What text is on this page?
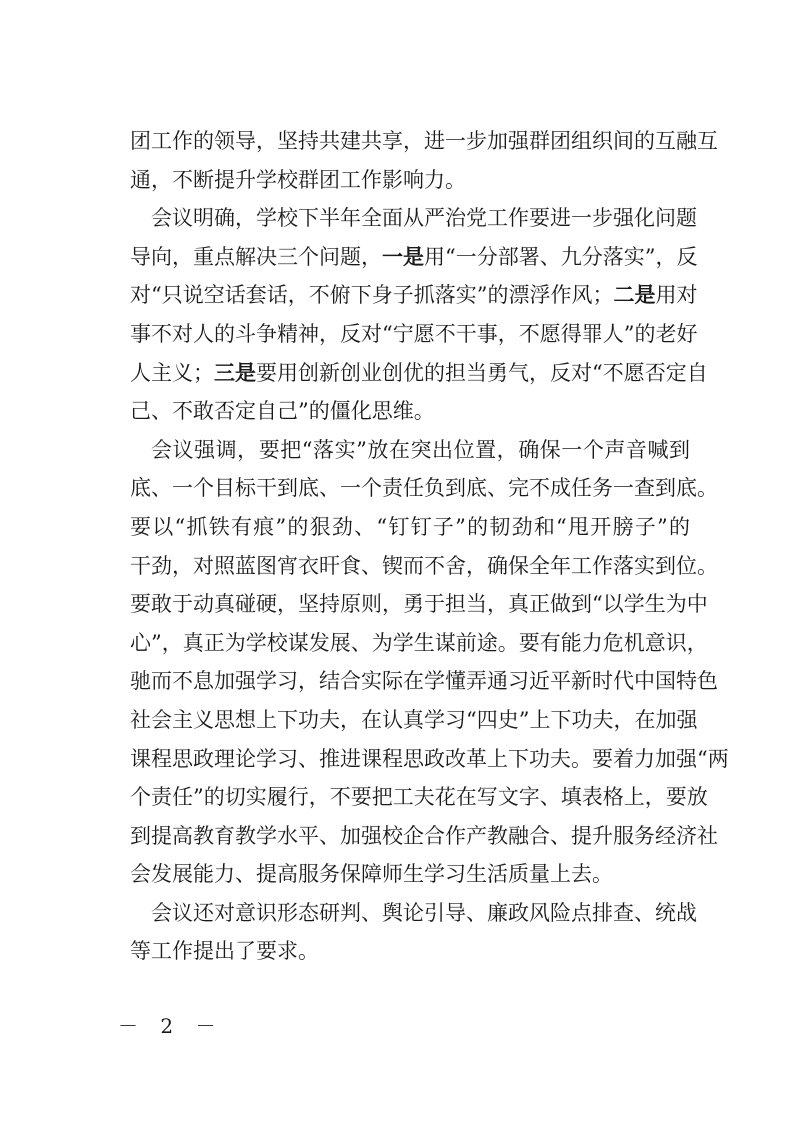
团工作的领导，坚持共建共享，进一步加强群团组织间的互融互
通，不断提升学校群团工作影响力。
会议明确，学校下半年全面从严治党工作要进一步强化问题
导向，重点解决三个问题，一是用“一分部署、九分落实”，反
对“只说空话套话，不俯下身子抓落实”的漂浮作风；二是用对
事不对人的斗争精神，反对“宁愿不干事，不愿得罪人”的老好
人主义；三是要用创新创业创优的担当勇气，反对“不愿否定自
己、不敢否定自己”的僵化思维。
会议强调，要把“落实”放在突出位置，确保一个声音喊到
底、一个目标干到底、一个责任负到底、完不成任务一查到底。
要以“抓铁有痕”的狠劲、“钉钉子”的韧劲和“甩开膀子”的
干劲，对照蓝图宵衣旰食、锲而不舍，确保全年工作落实到位。
要敢于动真碰硬，坚持原则，勇于担当，真正做到“以学生为中
心”，真正为学校谋发展、为学生谋前途。要有能力危机意识，
驰而不息加强学习，结合实际在学懂弄通习近平新时代中国特色
社会主义思想上下功夫，在认真学习“四史”上下功夫，在加强
课程思政理论学习、推进课程思政改革上下功夫。要着力加强“两
个责任”的切实履行，不要把工夫花在写文字、填表格上，要放
到提高教育教学水平、加强校企合作产教融合、提升服务经济社
会发展能力、提高服务保障师生学习生活质量上去。
会议还对意识形态研判、舆论引导、廉政风险点排查、统战
等工作提出了要求。
－ 2 －
